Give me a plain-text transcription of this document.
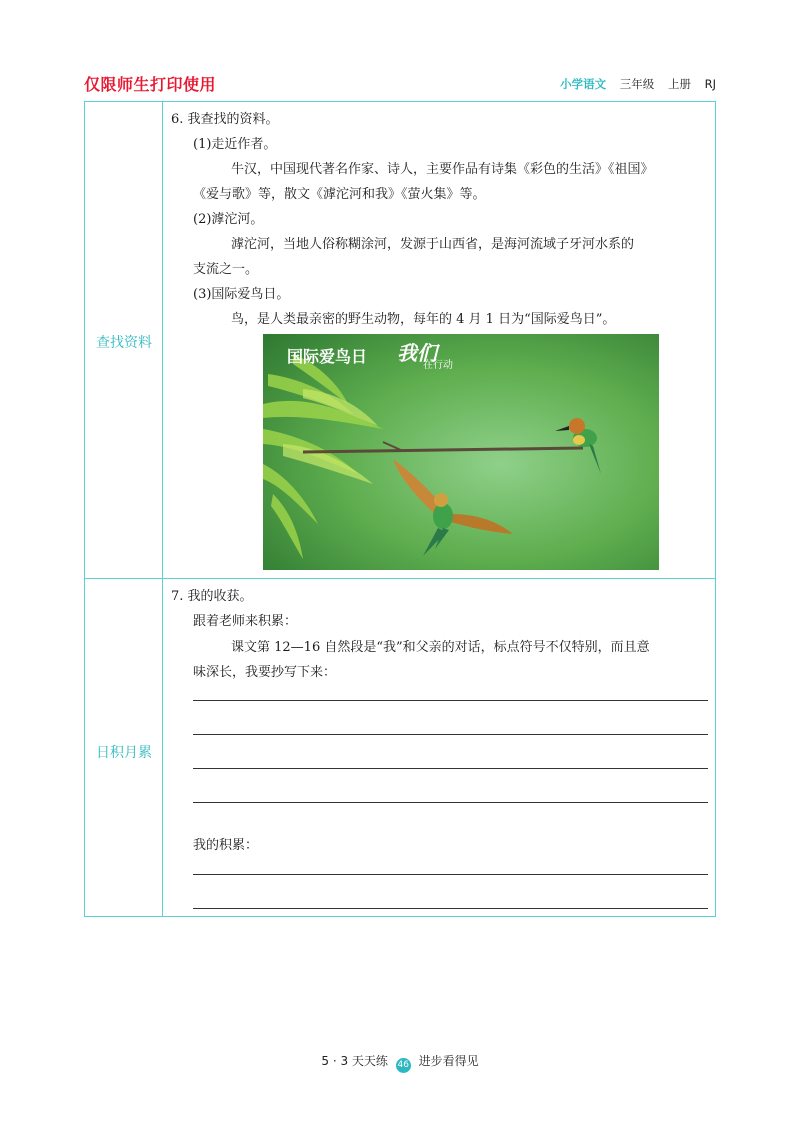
仅限师生打印使用	小学语文 三年级 上册 RJ
查找资料
日积月累
6. 我查找的资料。
(1)走近作者。
牛汉，中国现代著名作家、诗人，主要作品有诗集《彩色的生活》《祖国》
《爱与歌》等，散文《滹沱河和我》《萤火集》等。
(2)滹沱河。
滹沱河，当地人俗称糊涂河，发源于山西省，是海河流域子牙河水系的
支流之一。
(3)国际爱鸟日。
鸟，是人类最亲密的野生动物，每年的 4 月 1 日为“国际爱鸟日”。
国际爱鸟日 我们
在行动
7. 我的收获。
跟着老师来积累：
课文第 12—16 自然段是“我”和父亲的对话，标点符号不仅特别，而且意
味深长，我要抄写下来：
我的积累：
5 · 3 天天练 46 进步看得见
